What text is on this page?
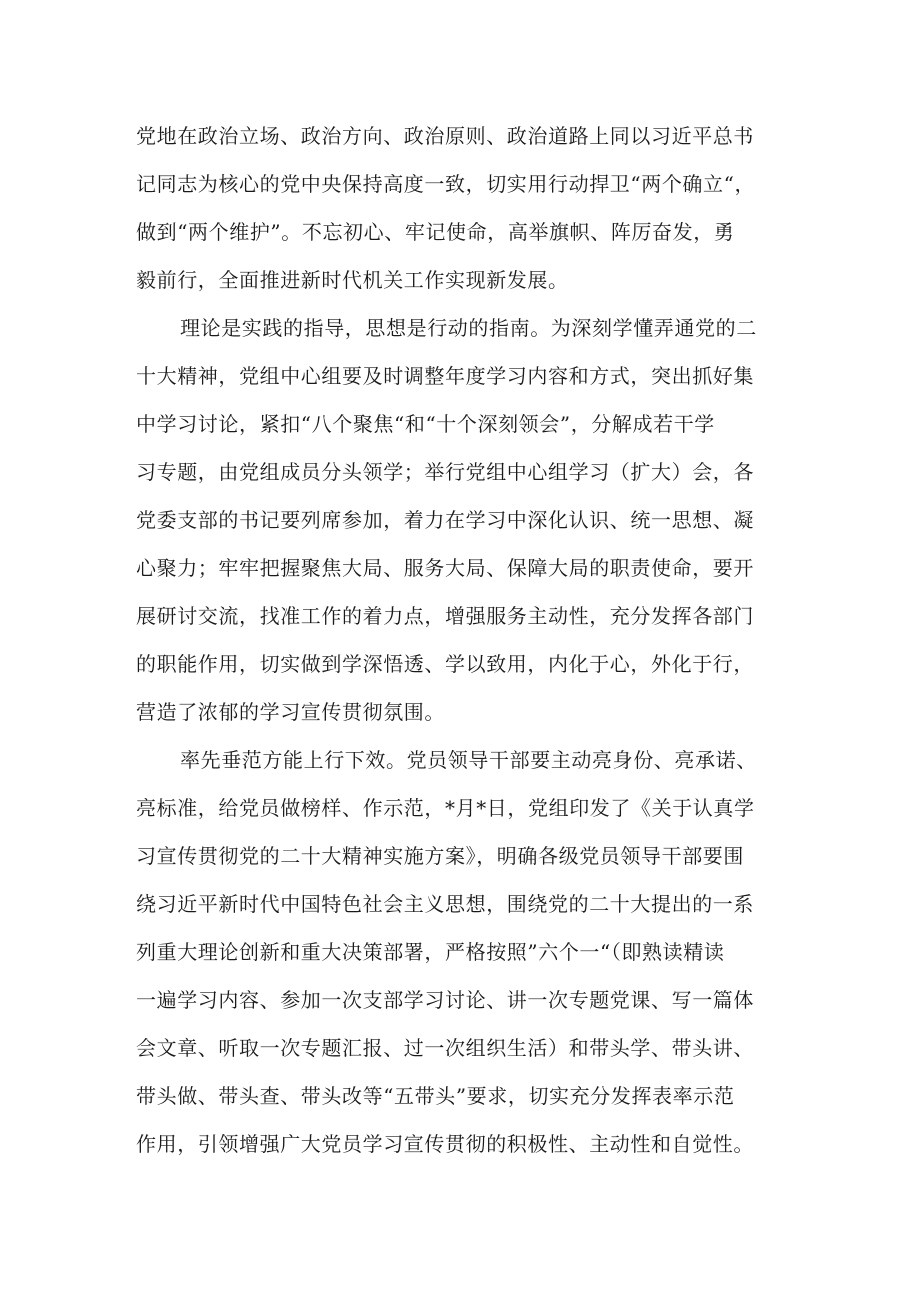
党地在政治立场、政治方向、政治原则、政治道路上同以习近平总书
记同志为核心的党中央保持高度一致，切实用行动捍卫“两个确立“，
做到“两个维护”。不忘初心、牢记使命，高举旗帜、阵厉奋发，勇
毅前行，全面推进新时代机关工作实现新发展。
理论是实践的指导，思想是行动的指南。为深刻学懂弄通党的二
十大精神，党组中心组要及时调整年度学习内容和方式，突出抓好集
中学习讨论，紧扣“八个聚焦“和“十个深刻领会”，分解成若干学
习专题，由党组成员分头领学；举行党组中心组学习（扩大）会，各
党委支部的书记要列席参加，着力在学习中深化认识、统一思想、凝
心聚力；牢牢把握聚焦大局、服务大局、保障大局的职责使命，要开
展研讨交流，找准工作的着力点，增强服务主动性，充分发挥各部门
的职能作用，切实做到学深悟透、学以致用，内化于心，外化于行，
营造了浓郁的学习宣传贯彻氛围。
率先垂范方能上行下效。党员领导干部要主动亮身份、亮承诺、
亮标准，给党员做榜样、作示范，*月*日，党组印发了《关于认真学
习宣传贯彻党的二十大精神实施方案》，明确各级党员领导干部要围
绕习近平新时代中国特色社会主义思想，围绕党的二十大提出的一系
列重大理论创新和重大决策部署，严格按照”六个一“（即熟读精读
一遍学习内容、参加一次支部学习讨论、讲一次专题党课、写一篇体
会文章、听取一次专题汇报、过一次组织生活）和带头学、带头讲、
带头做、带头查、带头改等“五带头”要求，切实充分发挥表率示范
作用，引领增强广大党员学习宣传贯彻的积极性、主动性和自觉性。
